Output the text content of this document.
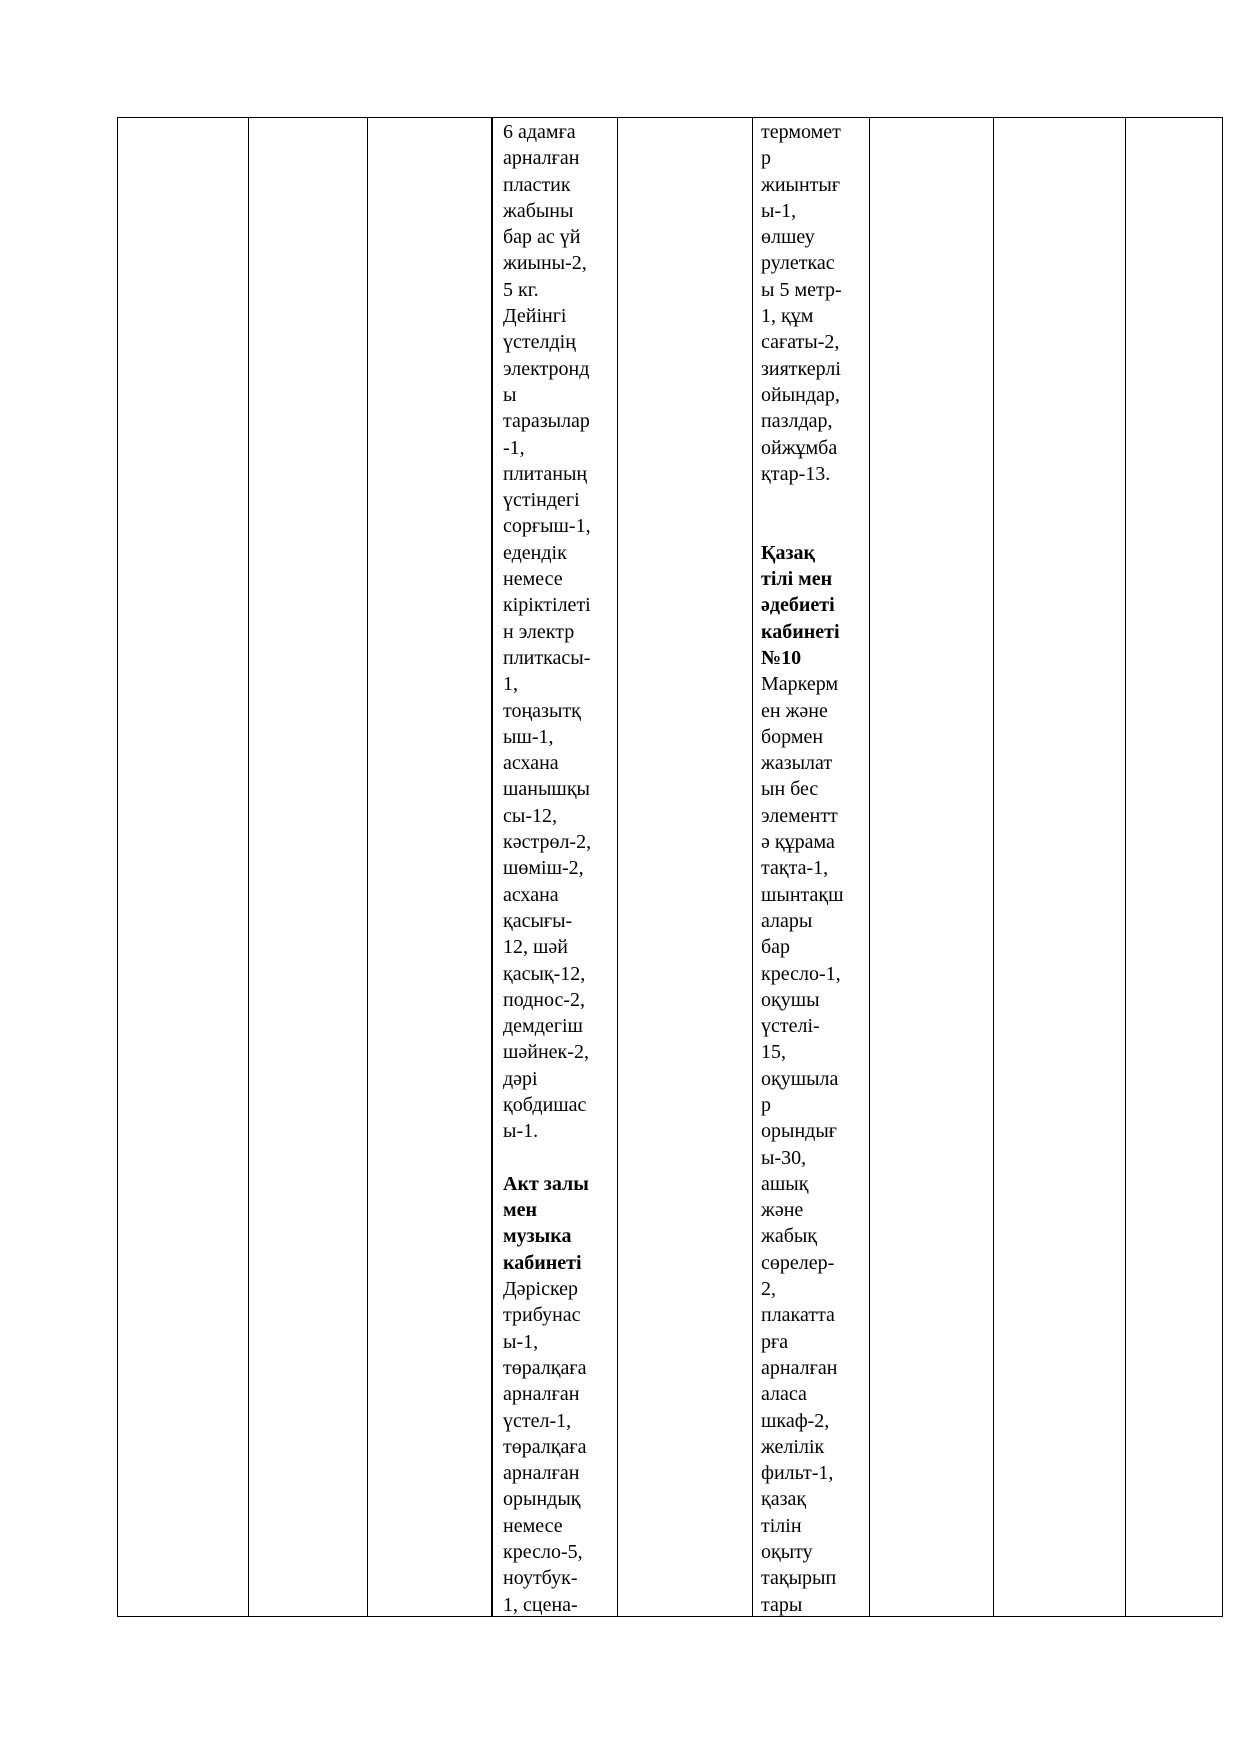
6 адамға
арналған
пластик
жабыны
бар ас үй
жиыны-2,
5 кг.
Дейінгі
үстелдің
электронд
ы
таразылар
-1,
плитаның
үстіндегі
сорғыш-1,
едендік
немесе
кіріктілеті
н электр
плиткасы-
1,
тоңазытқ
ыш-1,
асхана
шанышқы
сы-12,
кәстрөл-2,
шөміш-2,
асхана
қасығы-
12, шәй
қасық-12,
поднос-2,
демдегіш
шәйнек-2,
дәрі
қобдишас
ы-1.
Акт залы
мен
музыка
кабинеті
Дәріскер
трибунас
ы-1,
төралқаға
арналған
үстел-1,
төралқаға
арналған
орындық
немесе
кресло-5,
ноутбук-
1, сцена-
термомет
р
жиынтығ
ы-1,
өлшеу
рулеткас
ы 5 метр-
1, құм
сағаты-2,
зияткерлі
ойындар,
пазлдар,
ойжұмба
қтар-13.
Қазақ
тілі мен
әдебиеті
кабинеті
№10
Маркерм
ен және
бормен
жазылат
ын бес
элементт
ә құрама
тақта-1,
шынтақш
алары
бар
кресло-1,
оқушы
үстелі-
15,
оқушыла
р
орындығ
ы-30,
ашық
және
жабық
сөрелер-
2,
плакатта
рға
арналған
аласа
шкаф-2,
желілік
фильт-1,
қазақ
тілін
оқыту
тақырып
тары
